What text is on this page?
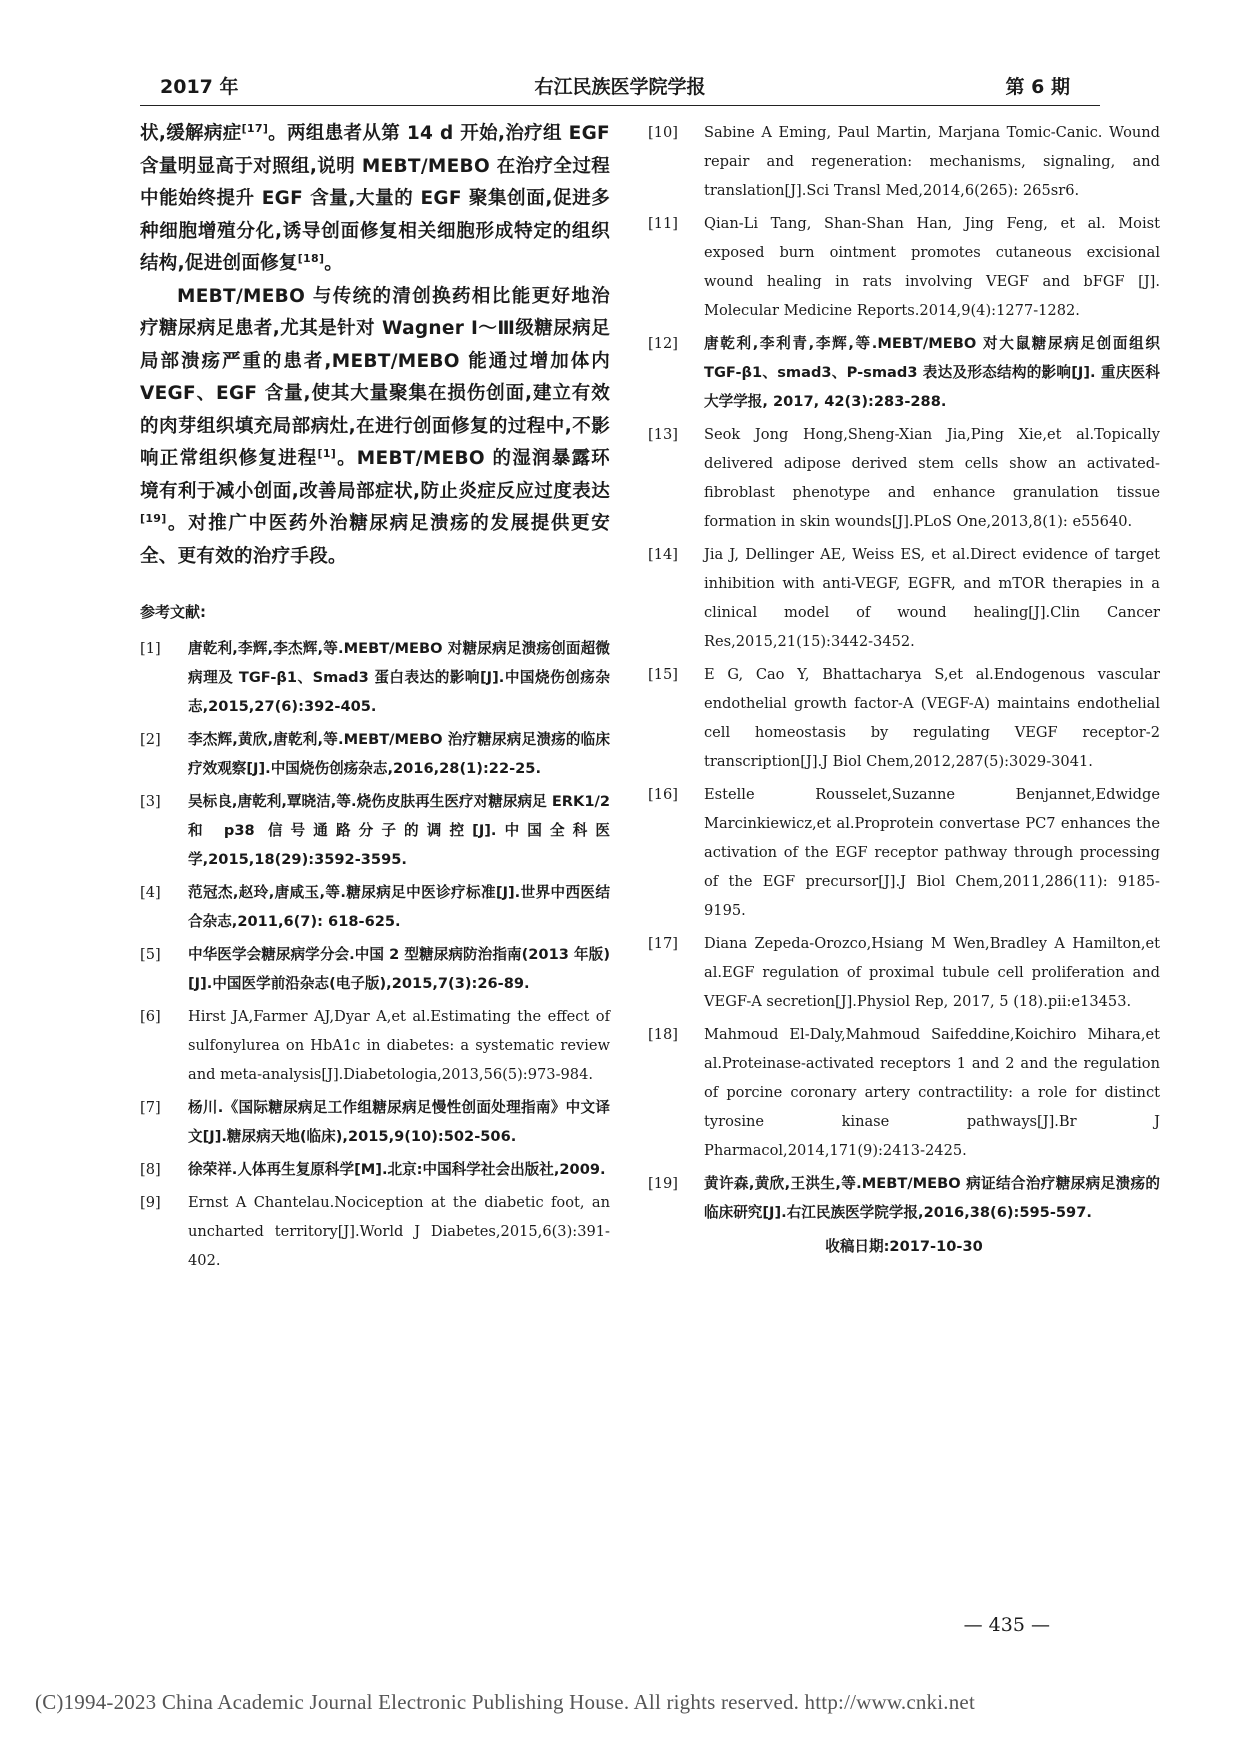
2017 年	右江民族医学院学报	第 6 期

状,缓解病症[17]。两组患者从第 14 d 开始,治疗组 EGF 含量明显高于对照组,说明 MEBT/MEBO 在治疗全过程中能始终提升 EGF 含量,大量的 EGF 聚集创面,促进多种细胞增殖分化,诱导创面修复相关细胞形成特定的组织结构,促进创面修复[18]。

MEBT/MEBO 与传统的清创换药相比能更好地治疗糖尿病足患者,尤其是针对 Wagner Ⅰ～Ⅲ级糖尿病足局部溃疡严重的患者,MEBT/MEBO 能通过增加体内 VEGF、EGF 含量,使其大量聚集在损伤创面,建立有效的肉芽组织填充局部病灶,在进行创面修复的过程中,不影响正常组织修复进程[1]。MEBT/MEBO 的湿润暴露环境有利于减小创面,改善局部症状,防止炎症反应过度表达[19]。对推广中医药外治糖尿病足溃疡的发展提供更安全、更有效的治疗手段。

参考文献:
[1] 唐乾利,李辉,李杰辉,等.MEBT/MEBO 对糖尿病足溃疡创面超微病理及 TGF-β1、Smad3 蛋白表达的影响[J].中国烧伤创疡杂志,2015,27(6):392-405.
[2] 李杰辉,黄欣,唐乾利,等.MEBT/MEBO 治疗糖尿病足溃疡的临床疗效观察[J].中国烧伤创疡杂志,2016,28(1):22-25.
[3] 吴标良,唐乾利,覃晓洁,等.烧伤皮肤再生医疗对糖尿病足 ERK1/2 和 p38 信号通路分子的调控[J].中国全科医学,2015,18(29):3592-3595.
[4] 范冠杰,赵玲,唐咸玉,等.糖尿病足中医诊疗标准[J].世界中西医结合杂志,2011,6(7): 618-625.
[5] 中华医学会糖尿病学分会.中国 2 型糖尿病防治指南(2013 年版)[J].中国医学前沿杂志(电子版),2015,7(3):26-89.
[6] Hirst JA,Farmer AJ,Dyar A,et al.Estimating the effect of sulfonylurea on HbA1c in diabetes: a systematic review and meta-analysis[J].Diabetologia,2013,56(5):973-984.
[7] 杨川.《国际糖尿病足工作组糖尿病足慢性创面处理指南》中文译文[J].糖尿病天地(临床),2015,9(10):502-506.
[8] 徐荣祥.人体再生复原科学[M].北京:中国科学社会出版社,2009.
[9] Ernst A Chantelau.Nociception at the diabetic foot, an uncharted territory[J].World J Diabetes,2015,6(3):391-402.
[10] Sabine A Eming, Paul Martin, Marjana Tomic-Canic. Wound repair and regeneration: mechanisms, signaling, and translation[J].Sci Transl Med,2014,6(265): 265sr6.
[11] Qian-Li Tang, Shan-Shan Han, Jing Feng, et al. Moist exposed burn ointment promotes cutaneous excisional wound healing in rats involving VEGF and bFGF [J]. Molecular Medicine Reports.2014,9(4):1277-1282.
[12] 唐乾利,李利青,李辉,等.MEBT/MEBO 对大鼠糖尿病足创面组织 TGF-β1、smad3、P-smad3 表达及形态结构的影响[J]. 重庆医科大学学报, 2017, 42(3):283-288.
[13] Seok Jong Hong,Sheng-Xian Jia,Ping Xie,et al.Topically delivered adipose derived stem cells show an activated-fibroblast phenotype and enhance granulation tissue formation in skin wounds[J].PLoS One,2013,8(1): e55640.
[14] Jia J, Dellinger AE, Weiss ES, et al.Direct evidence of target inhibition with anti-VEGF, EGFR, and mTOR therapies in a clinical model of wound healing[J].Clin Cancer Res,2015,21(15):3442-3452.
[15] E G, Cao Y, Bhattacharya S,et al.Endogenous vascular endothelial growth factor-A (VEGF-A) maintains endothelial cell homeostasis by regulating VEGF receptor-2 transcription[J].J Biol Chem,2012,287(5):3029-3041.
[16] Estelle Rousselet,Suzanne Benjannet,Edwidge Marcinkiewicz,et al.Proprotein convertase PC7 enhances the activation of the EGF receptor pathway through processing of the EGF precursor[J].J Biol Chem,2011,286(11): 9185-9195.
[17] Diana Zepeda-Orozco,Hsiang M Wen,Bradley A Hamilton,et al.EGF regulation of proximal tubule cell proliferation and VEGF-A secretion[J].Physiol Rep, 2017, 5 (18).pii:e13453.
[18] Mahmoud El-Daly,Mahmoud Saifeddine,Koichiro Mihara,et al.Proteinase-activated receptors 1 and 2 and the regulation of porcine coronary artery contractility: a role for distinct tyrosine kinase pathways[J].Br J Pharmacol,2014,171(9):2413-2425.
[19] 黄许森,黄欣,王洪生,等.MEBT/MEBO 病证结合治疗糖尿病足溃疡的临床研究[J].右江民族医学院学报,2016,38(6):595-597.
收稿日期:2017-10-30
— 435 —
(C)1994-2023 China Academic Journal Electronic Publishing House. All rights reserved. http://www.cnki.net
